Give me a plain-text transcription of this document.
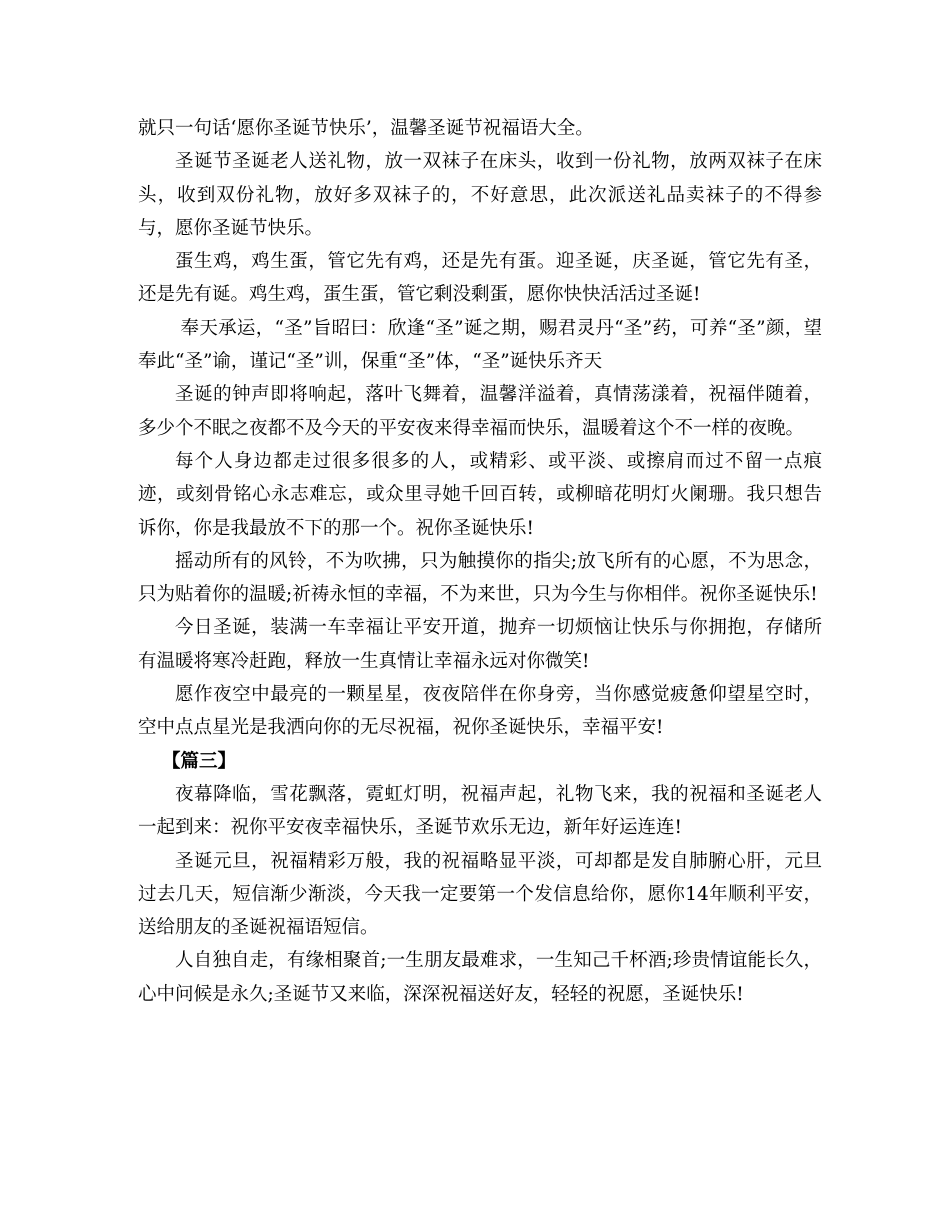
就只一句话‘愿你圣诞节快乐’，温馨圣诞节祝福语大全。

圣诞节圣诞老人送礼物，放一双袜子在床头，收到一份礼物，放两双袜子在床头，收到双份礼物，放好多双袜子的，不好意思，此次派送礼品卖袜子的不得参与，愿你圣诞节快乐。

蛋生鸡，鸡生蛋，管它先有鸡，还是先有蛋。迎圣诞，庆圣诞，管它先有圣，还是先有诞。鸡生鸡，蛋生蛋，管它剩没剩蛋，愿你快快活活过圣诞!

奉天承运，“圣”旨昭曰：欣逢“圣”诞之期，赐君灵丹“圣”药，可养“圣”颜，望奉此“圣”谕，谨记“圣”训，保重“圣”体，“圣”诞快乐齐天

圣诞的钟声即将响起，落叶飞舞着，温馨洋溢着，真情荡漾着，祝福伴随着，多少个不眠之夜都不及今天的平安夜来得幸福而快乐，温暖着这个不一样的夜晚。

每个人身边都走过很多很多的人，或精彩、或平淡、或擦肩而过不留一点痕迹，或刻骨铭心永志难忘，或众里寻她千回百转，或柳暗花明灯火阑珊。我只想告诉你，你是我最放不下的那一个。祝你圣诞快乐!

摇动所有的风铃，不为吹拂，只为触摸你的指尖;放飞所有的心愿，不为思念，只为贴着你的温暖;祈祷永恒的幸福，不为来世，只为今生与你相伴。祝你圣诞快乐!

今日圣诞，装满一车幸福让平安开道，抛弃一切烦恼让快乐与你拥抱，存储所有温暖将寒冷赶跑，释放一生真情让幸福永远对你微笑!

愿作夜空中最亮的一颗星星，夜夜陪伴在你身旁，当你感觉疲惫仰望星空时，空中点点星光是我洒向你的无尽祝福，祝你圣诞快乐，幸福平安!

【篇三】

夜幕降临，雪花飘落，霓虹灯明，祝福声起，礼物飞来，我的祝福和圣诞老人一起到来：祝你平安夜幸福快乐，圣诞节欢乐无边，新年好运连连!

圣诞元旦，祝福精彩万般，我的祝福略显平淡，可却都是发自肺腑心肝，元旦过去几天，短信渐少渐淡，今天我一定要第一个发信息给你，愿你14年顺利平安，送给朋友的圣诞祝福语短信。

人自独自走，有缘相聚首;一生朋友最难求，一生知己千杯酒;珍贵情谊能长久，心中问候是永久;圣诞节又来临，深深祝福送好友，轻轻的祝愿，圣诞快乐!
